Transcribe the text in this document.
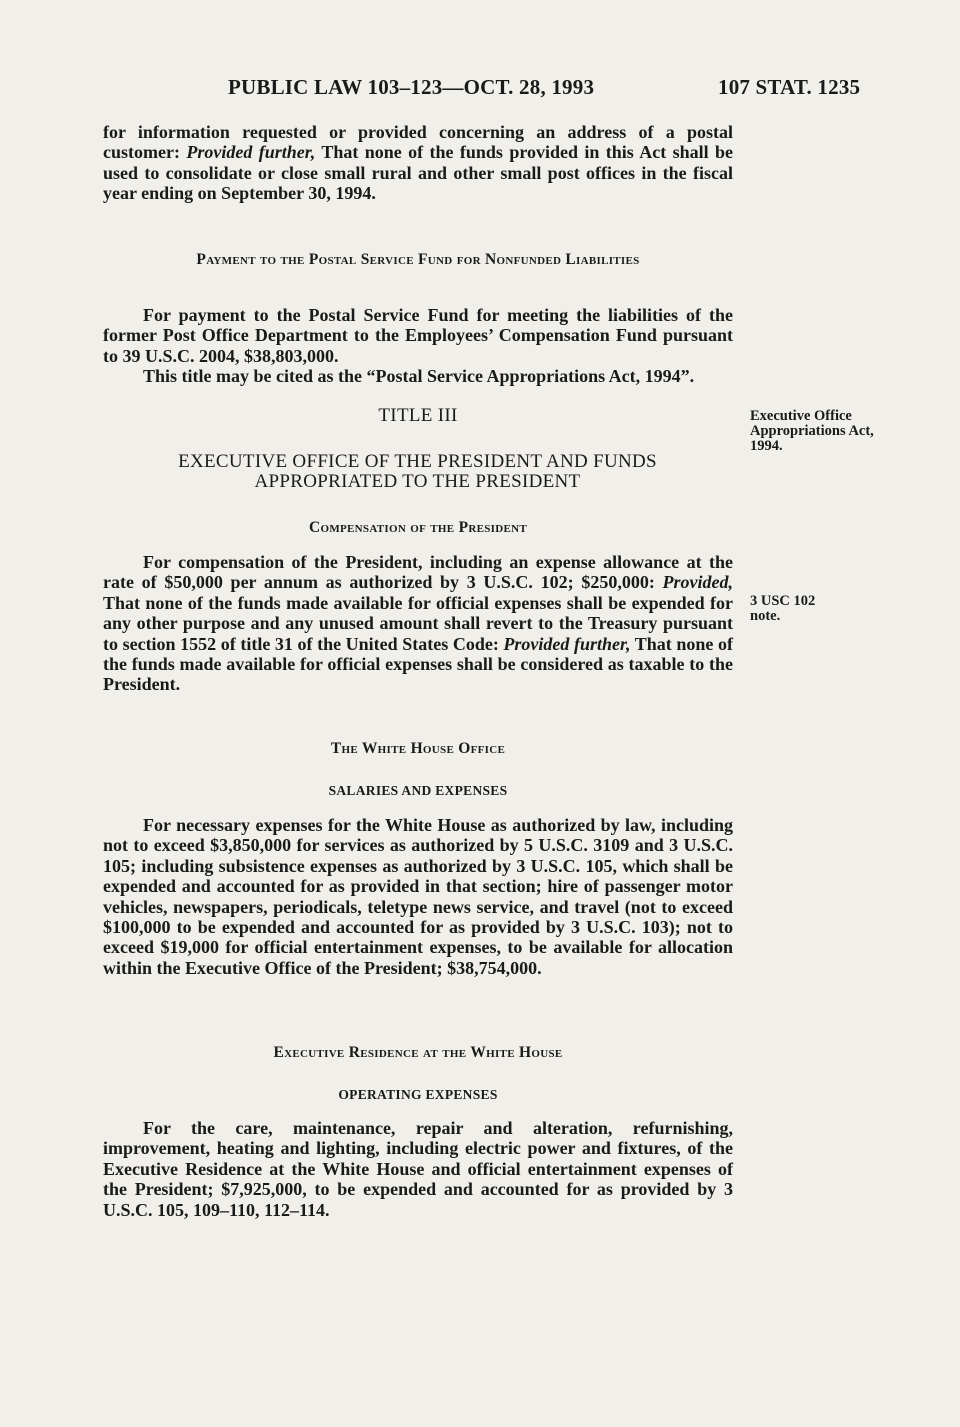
PUBLIC LAW 103–123—OCT. 28, 1993	107 STAT. 1235

for information requested or provided concerning an address of a postal customer: Provided further, That none of the funds provided in this Act shall be used to consolidate or close small rural and other small post offices in the fiscal year ending on September 30, 1994.

Payment to the Postal Service Fund for Nonfunded Liabilities

For payment to the Postal Service Fund for meeting the liabilities of the former Post Office Department to the Employees’ Compensation Fund pursuant to 39 U.S.C. 2004, $38,803,000.

This title may be cited as the “Postal Service Appropriations Act, 1994”.

TITLE III

EXECUTIVE OFFICE OF THE PRESIDENT AND FUNDS APPROPRIATED TO THE PRESIDENT

Compensation of the President

For compensation of the President, including an expense allowance at the rate of $50,000 per annum as authorized by 3 U.S.C. 102; $250,000: Provided, That none of the funds made available for official expenses shall be expended for any other purpose and any unused amount shall revert to the Treasury pursuant to section 1552 of title 31 of the United States Code: Provided further, That none of the funds made available for official expenses shall be considered as taxable to the President.

The White House Office

SALARIES AND EXPENSES

For necessary expenses for the White House as authorized by law, including not to exceed $3,850,000 for services as authorized by 5 U.S.C. 3109 and 3 U.S.C. 105; including subsistence expenses as authorized by 3 U.S.C. 105, which shall be expended and accounted for as provided in that section; hire of passenger motor vehicles, newspapers, periodicals, teletype news service, and travel (not to exceed $100,000 to be expended and accounted for as provided by 3 U.S.C. 103); not to exceed $19,000 for official entertainment expenses, to be available for allocation within the Executive Office of the President; $38,754,000.

Executive Residence at the White House

OPERATING EXPENSES

For the care, maintenance, repair and alteration, refurnishing, improvement, heating and lighting, including electric power and fixtures, of the Executive Residence at the White House and official entertainment expenses of the President; $7,925,000, to be expended and accounted for as provided by 3 U.S.C. 105, 109–110, 112–114.

Executive Office Appropriations Act, 1994.
3 USC 102 note.
